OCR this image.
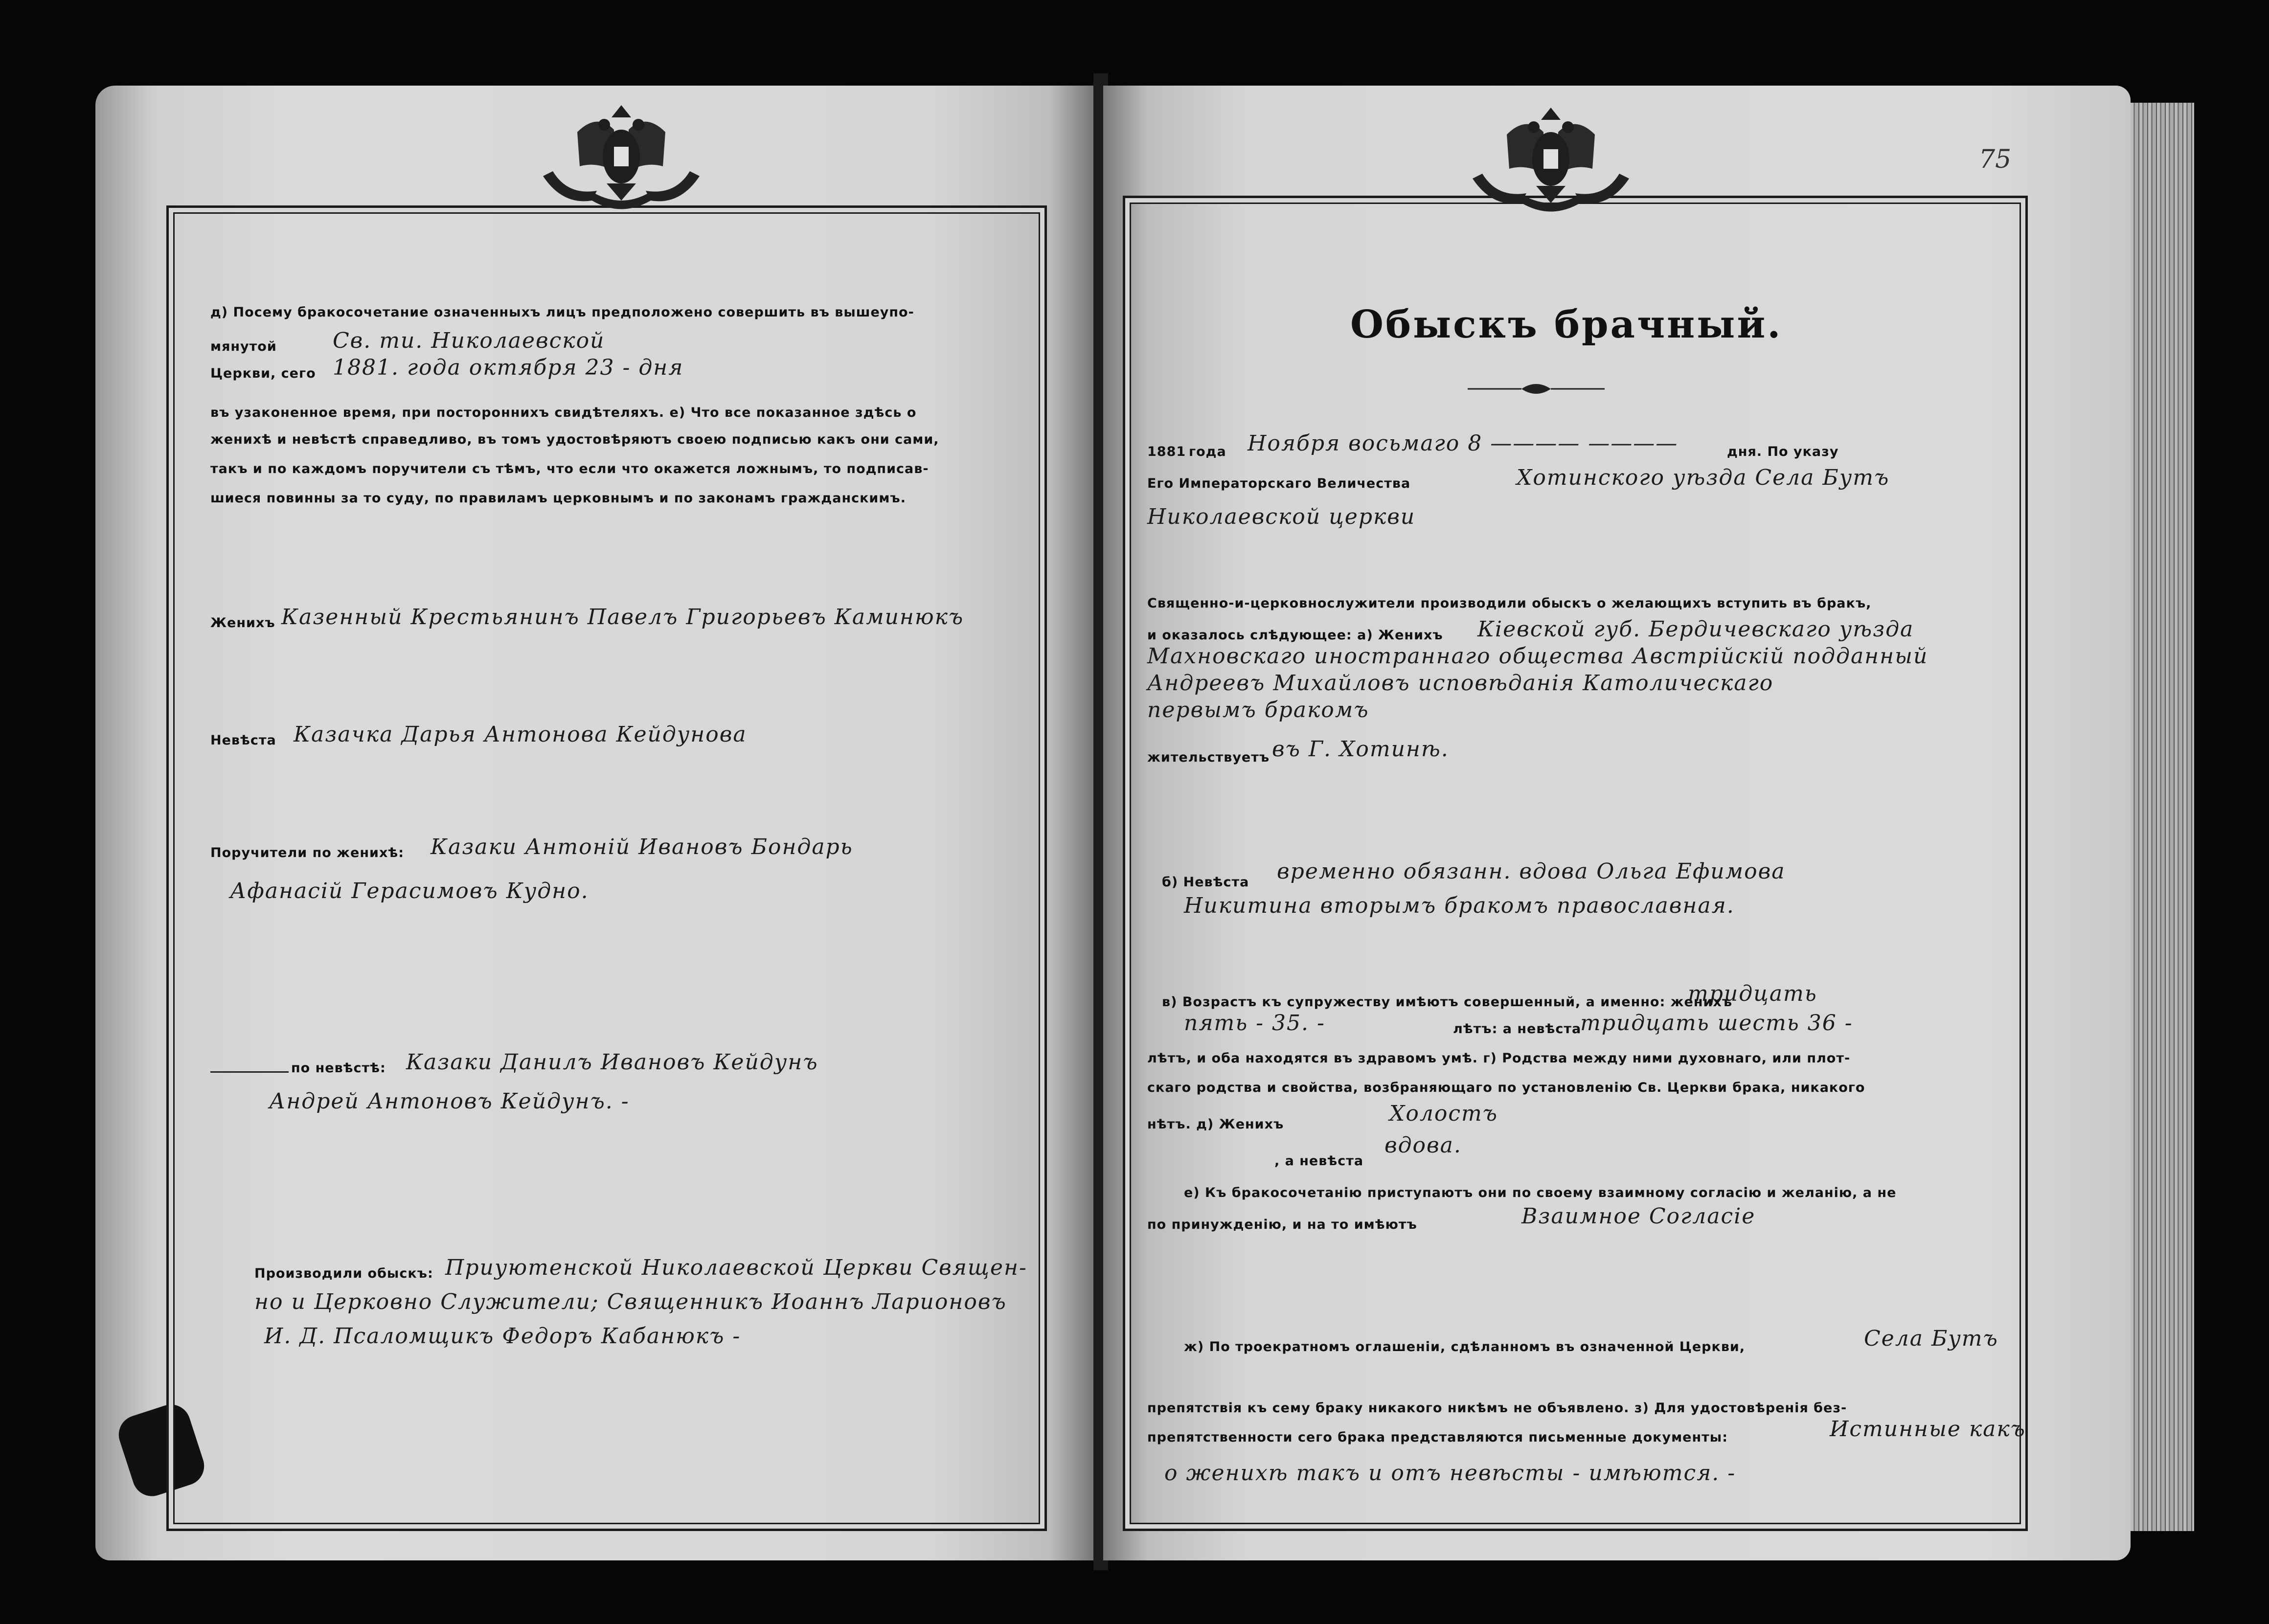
75
д) Посему бракосочетание означенныхъ лицъ предположено совершить въ вышеупо-
мянутой	Св. ти. Николаевской
Церкви, сего 1881. года октября 23 - дня
въ узаконенное время, при постороннихъ свидѣтеляхъ. е) Что все показанное здѣсь о
женихѣ и невѣстѣ справедливо, въ томъ удостовѣряютъ своею подписью какъ они сами,
такъ и по каждомъ поручители съ тѣмъ, что если что окажется ложнымъ, то подписав-
шиеся повинны за то суду, по правиламъ церковнымъ и по законамъ гражданскимъ.
Женихъ Казенный Крестьянинъ Павелъ Григорьевъ Каминюкъ
Невѣста Казачка Дарья Антонова Кейдунова
Поручители по женихѣ: Казаки Антоній Ивановъ Бондарь
Афанасій Герасимовъ Кудно.
по невѣстѣ: Казаки Данилъ Ивановъ Кейдунъ
Андрей Антоновъ Кейдунъ. -
Производили обыскъ: Приуютенской Николаевской Церкви Священ-
но и Церковно Служители; Священникъ Иоаннъ Ларионовъ
И. Д. Псаломщикъ Федоръ Кабанюкъ -
Обыскъ брачный.
1881 года Ноября восьмаго 8 ———— ————	дня. По указу
Его Императорскаго Величества	Хотинского уѣзда Села Бутъ
Николаевской церкви
Священно-и-церковнослужители производили обыскъ о желающихъ вступить въ бракъ,
и оказалось слѣдующее: а) Женихъ Кіевской губ. Бердичевскаго уѣзда
Махновскаго иностраннаго общества Австрійскій подданный
Андреевъ Михайловъ исповѣданія Католическаго
первымъ бракомъ
жительствуетъ въ Г. Хотинѣ.
б) Невѣста временно обязанн. вдова Ольга Ефимова
Никитина вторымъ бракомъ православная.
в) Возрастъ къ супружеству имѣютъ совершенный, а именно: женихъ
тридцать
пять - 35. -	лѣтъ: а невѣста
тридцать шесть 36 -
лѣтъ, и оба находятся въ здравомъ умѣ. г) Родства между ними духовнаго, или плот-
скаго родства и свойства, возбраняющаго по установленію Св. Церкви брака, никакого
нѣтъ. д) Женихъ	Холостъ
, а невѣста
вдова.
е) Къ бракосочетанію приступаютъ они по своему взаимному согласію и желанію, а не
по принужденію, и на то имѣютъ	Взаимное Согласіе
ж) По троекратномъ оглашеніи, сдѣланномъ въ означенной Церкви,	Села Бутъ
препятствія къ сему браку никакого никѣмъ не объявлено. з) Для удостовѣренія без-
препятственности сего брака представляются письменные документы:	Истинные какъ
о женихѣ такъ и отъ невѣсты - имѣются. -
